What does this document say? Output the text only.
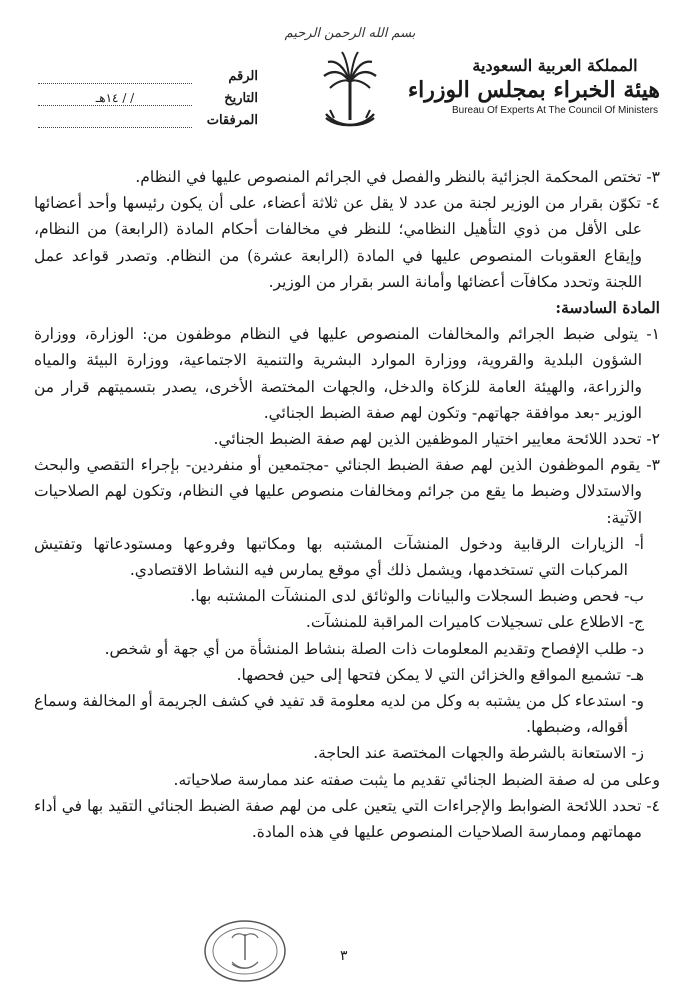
بسم الله الرحمن الرحيم
المملكة العربية السعودية
هيئة الخبراء بمجلس الوزراء
Bureau Of Experts At The Council Of Ministers
الرقم
التاريخ
/ / ١٤هـ
المرفقات

٣- تختص المحكمة الجزائية بالنظر والفصل في الجرائم المنصوص عليها في النظام.

٤- تكوّن بقرار من الوزير لجنة من عدد لا يقل عن ثلاثة أعضاء، على أن يكون رئيسها وأحد أعضائها على الأقل من ذوي التأهيل النظامي؛ للنظر في مخالفات أحكام المادة (الرابعة) من النظام، وإيقاع العقوبات المنصوص عليها في المادة (الرابعة عشرة) من النظام. وتصدر قواعد عمل اللجنة وتحدد مكافآت أعضائها وأمانة السر بقرار من الوزير.

المادة السادسة:

١- يتولى ضبط الجرائم والمخالفات المنصوص عليها في النظام موظفون من: الوزارة، ووزارة الشؤون البلدية والقروية، ووزارة الموارد البشرية والتنمية الاجتماعية، ووزارة البيئة والمياه والزراعة، والهيئة العامة للزكاة والدخل، والجهات المختصة الأخرى، يصدر بتسميتهم قرار من الوزير -بعد موافقة جهاتهم- وتكون لهم صفة الضبط الجنائي.

٢- تحدد اللائحة معايير اختيار الموظفين الذين لهم صفة الضبط الجنائي.

٣- يقوم الموظفون الذين لهم صفة الضبط الجنائي -مجتمعين أو منفردين- بإجراء التقصي والبحث والاستدلال وضبط ما يقع من جرائم ومخالفات منصوص عليها في النظام، وتكون لهم الصلاحيات الآتية:

أ- الزيارات الرقابية ودخول المنشآت المشتبه بها ومكاتبها وفروعها ومستودعاتها وتفتيش المركبات التي تستخدمها، ويشمل ذلك أي موقع يمارس فيه النشاط الاقتصادي.

ب- فحص وضبط السجلات والبيانات والوثائق لدى المنشآت المشتبه بها.

ج- الاطلاع على تسجيلات كاميرات المراقبة للمنشآت.

د- طلب الإفصاح وتقديم المعلومات ذات الصلة بنشاط المنشأة من أي جهة أو شخص.

هـ- تشميع المواقع والخزائن التي لا يمكن فتحها إلى حين فحصها.

و- استدعاء كل من يشتبه به وكل من لديه معلومة قد تفيد في كشف الجريمة أو المخالفة وسماع أقواله، وضبطها.

ز- الاستعانة بالشرطة والجهات المختصة عند الحاجة.

وعلى من له صفة الضبط الجنائي تقديم ما يثبت صفته عند ممارسة صلاحياته.

٤- تحدد اللائحة الضوابط والإجراءات التي يتعين على من لهم صفة الضبط الجنائي التقيد بها في أداء مهماتهم وممارسة الصلاحيات المنصوص عليها في هذه المادة.

٣
